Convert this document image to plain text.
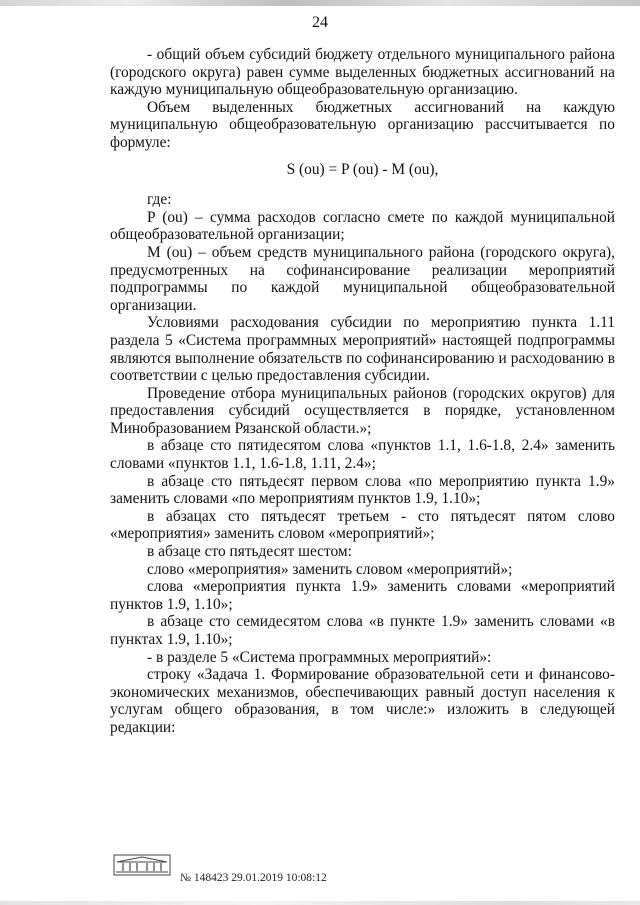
24

- общий объем субсидий бюджету отдельного муниципального района (городского округа) равен сумме выделенных бюджетных ассигнований на каждую муниципальную общеобразовательную организацию.

Объем выделенных бюджетных ассигнований на каждую муниципальную общеобразовательную организацию рассчитывается по формуле:

S (ou) = P (ou) - M (ou),

где:

P (ou) – сумма расходов согласно смете по каждой муниципальной общеобразовательной организации;

M (ou) – объем средств муниципального района (городского округа), предусмотренных на софинансирование реализации мероприятий подпрограммы по каждой муниципальной общеобразовательной организации.

Условиями расходования субсидии по мероприятию пункта 1.11 раздела 5 «Система программных мероприятий» настоящей подпрограммы являются выполнение обязательств по софинансированию и расходованию в соответствии с целью предоставления субсидии.

Проведение отбора муниципальных районов (городских округов) для предоставления субсидий осуществляется в порядке, установленном Минобразованием Рязанской области.»;

в абзаце сто пятидесятом слова «пунктов 1.1, 1.6-1.8, 2.4» заменить словами «пунктов 1.1, 1.6-1.8, 1.11, 2.4»;

в абзаце сто пятьдесят первом слова «по мероприятию пункта 1.9» заменить словами «по мероприятиям пунктов 1.9, 1.10»;

в абзацах сто пятьдесят третьем - сто пятьдесят пятом слово «мероприятия» заменить словом «мероприятий»;

в абзаце сто пятьдесят шестом:

слово «мероприятия» заменить словом «мероприятий»;

слова «мероприятия пункта 1.9» заменить словами «мероприятий пунктов 1.9, 1.10»;

в абзаце сто семидесятом слова «в пункте 1.9» заменить словами «в пунктах 1.9, 1.10»;

- в разделе 5 «Система программных мероприятий»:

строку «Задача 1. Формирование образовательной сети и финансово-экономических механизмов, обеспечивающих равный доступ населения к услугам общего образования, в том числе:» изложить в следующей редакции:

№ 148423 29.01.2019 10:08:12
